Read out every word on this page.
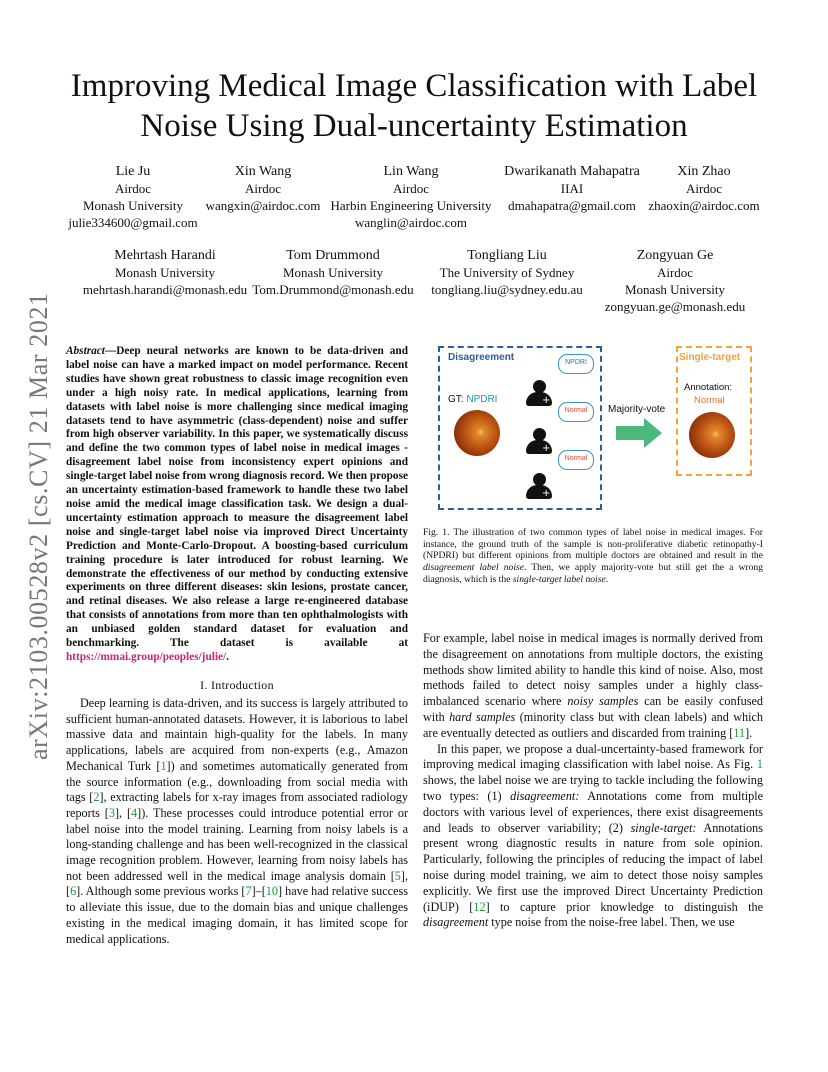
Improving Medical Image Classification with Label Noise Using Dual-uncertainty Estimation
Lie Ju
Airdoc
Monash University
julie334600@gmail.com
Xin Wang
Airdoc
wangxin@airdoc.com
Lin Wang
Airdoc
Harbin Engineering University
wanglin@airdoc.com
Dwarikanath Mahapatra
IIAI
dmahapatra@gmail.com
Xin Zhao
Airdoc
zhaoxin@airdoc.com
Mehrtash Harandi
Monash University
mehrtash.harandi@monash.edu
Tom Drummond
Monash University
Tom.Drummond@monash.edu
Tongliang Liu
The University of Sydney
tongliang.liu@sydney.edu.au
Zongyuan Ge
Airdoc
Monash University
zongyuan.ge@monash.edu
arXiv:2103.00528v2 [cs.CV] 21 Mar 2021 Abstract—Deep neural networks are known to be data-driven and label noise can have a marked impact on model performance. Recent studies have shown great robustness to classic image recognition even under a high noisy rate. In medical applications, learning from datasets with label noise is more challenging since medical imaging datasets tend to have asymmetric (class-dependent) noise and suffer from high observer variability. In this paper, we systematically discuss and define the two common types of label noise in medical images - disagreement label noise from inconsistency expert opinions and single-target label noise from wrong diagnosis record. We then propose an uncertainty estimation-based framework to handle these two label noise amid the medical image classification task. We design a dual-uncertainty estimation approach to measure the disagreement label noise and single-target label noise via improved Direct Uncertainty Prediction and Monte-Carlo-Dropout. A boosting-based curriculum training procedure is later introduced for robust learning. We demonstrate the effectiveness of our method by conducting extensive experiments on three different diseases: skin lesions, prostate cancer, and retinal diseases. We also release a large re-engineered database that consists of annotations from more than ten ophthalmologists with an unbiased golden standard dataset for evaluation and benchmarking. The dataset is available at https://mmai.group/peoples/julie/.
I. Introduction
Deep learning is data-driven, and its success is largely attributed to sufficient human-annotated datasets. However, it is laborious to label massive data and maintain high-quality for the labels. In many applications, labels are acquired from non-experts (e.g., Amazon Mechanical Turk [1]) and sometimes automatically generated from the source information (e.g., downloading from social media with tags [2], extracting labels for x-ray images from associated radiology reports [3], [4]). These processes could introduce potential error or label noise into the model training. Learning from noisy labels is a long-standing challenge and has been well-recognized in the classical image recognition problem. However, learning from noisy labels has not been addressed well in the medical image analysis domain [5], [6]. Although some previous works [7]–[10] have had relative success to alleviate this issue, due to the domain bias and unique challenges existing in the medical imaging domain, it has limited scope for medical applications.
Disagreement
GT: NPDRI	+
+
+
NPDRI
Normal
Normal
Majority-vote
Single-target
Annotation:
Normal
Fig. 1. The illustration of two common types of label noise in medical images. For instance, the ground truth of the sample is non-proliferative diabetic retinopathy-I (NPDRI) but different opinions from multiple doctors are obtained and result in the disagreement label noise. Then, we apply majority-vote but still get the a wrong diagnosis, which is the single-target label noise.

For example, label noise in medical images is normally derived from the disagreement on annotations from multiple doctors, the existing methods show limited ability to handle this kind of noise. Also, most methods failed to detect noisy samples under a highly class-imbalanced scenario where noisy samples can be easily confused with hard samples (minority class but with clean labels) and which are eventually detected as outliers and discarded from training [11].

In this paper, we propose a dual-uncertainty-based framework for improving medical imaging classification with label noise. As Fig. 1 shows, the label noise we are trying to tackle including the following two types: (1) disagreement: Annotations come from multiple doctors with various level of experiences, there exist disagreements and leads to observer variability; (2) single-target: Annotations present wrong diagnostic results in nature from sole opinion. Particularly, following the principles of reducing the impact of label noise during model training, we aim to detect those noisy samples explicitly. We first use the improved Direct Uncertainty Prediction (iDUP) [12] to capture prior knowledge to distinguish the disagreement type noise from the noise-free label. Then, we use
